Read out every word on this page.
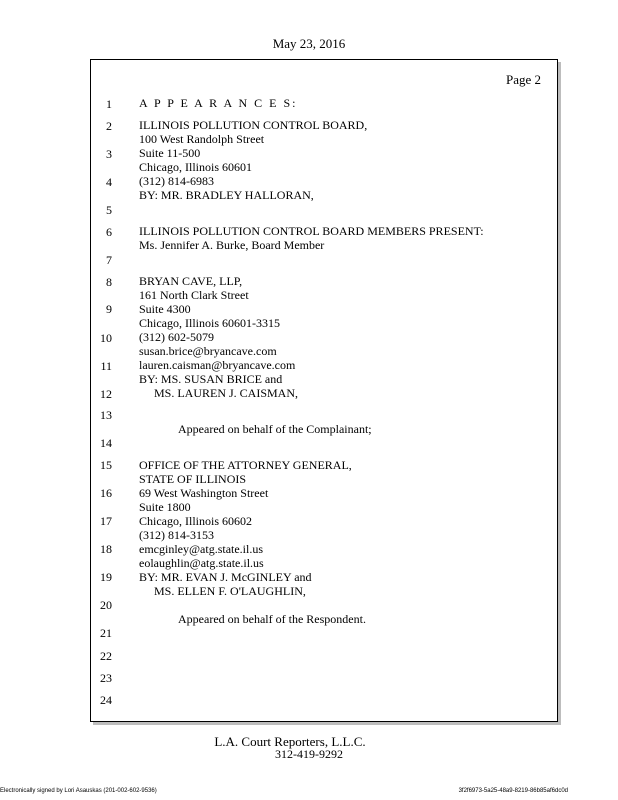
May 23, 2016
Page 2
1
2
3
4
5
6
7
8
9
10
11
12
13
14
15
16
17
18
19
20
21
22
23
24
A P P E A R A N C E S:
ILLINOIS POLLUTION CONTROL BOARD,
100 West Randolph Street
Suite 11-500
Chicago, Illinois 60601
(312) 814-6983
BY: MR. BRADLEY HALLORAN,
ILLINOIS POLLUTION CONTROL BOARD MEMBERS PRESENT:
Ms. Jennifer A. Burke, Board Member
BRYAN CAVE, LLP,
161 North Clark Street
Suite 4300
Chicago, Illinois 60601-3315
(312) 602-5079
susan.brice@bryancave.com
lauren.caisman@bryancave.com
BY: MS. SUSAN BRICE and
MS. LAUREN J. CAISMAN,
Appeared on behalf of the Complainant;
OFFICE OF THE ATTORNEY GENERAL,
STATE OF ILLINOIS
69 West Washington Street
Suite 1800
Chicago, Illinois 60602
(312) 814-3153
emcginley@atg.state.il.us
eolaughlin@atg.state.il.us
BY: MR. EVAN J. McGINLEY and
MS. ELLEN F. O'LAUGHLIN,
Appeared on behalf of the Respondent.
L.A. Court Reporters, L.L.C.
312-419-9292
Electronically signed by Lori Asauskas (201-002-602-9536)	3f2f6973-5a25-48a9-8219-86b85af6dc0d
